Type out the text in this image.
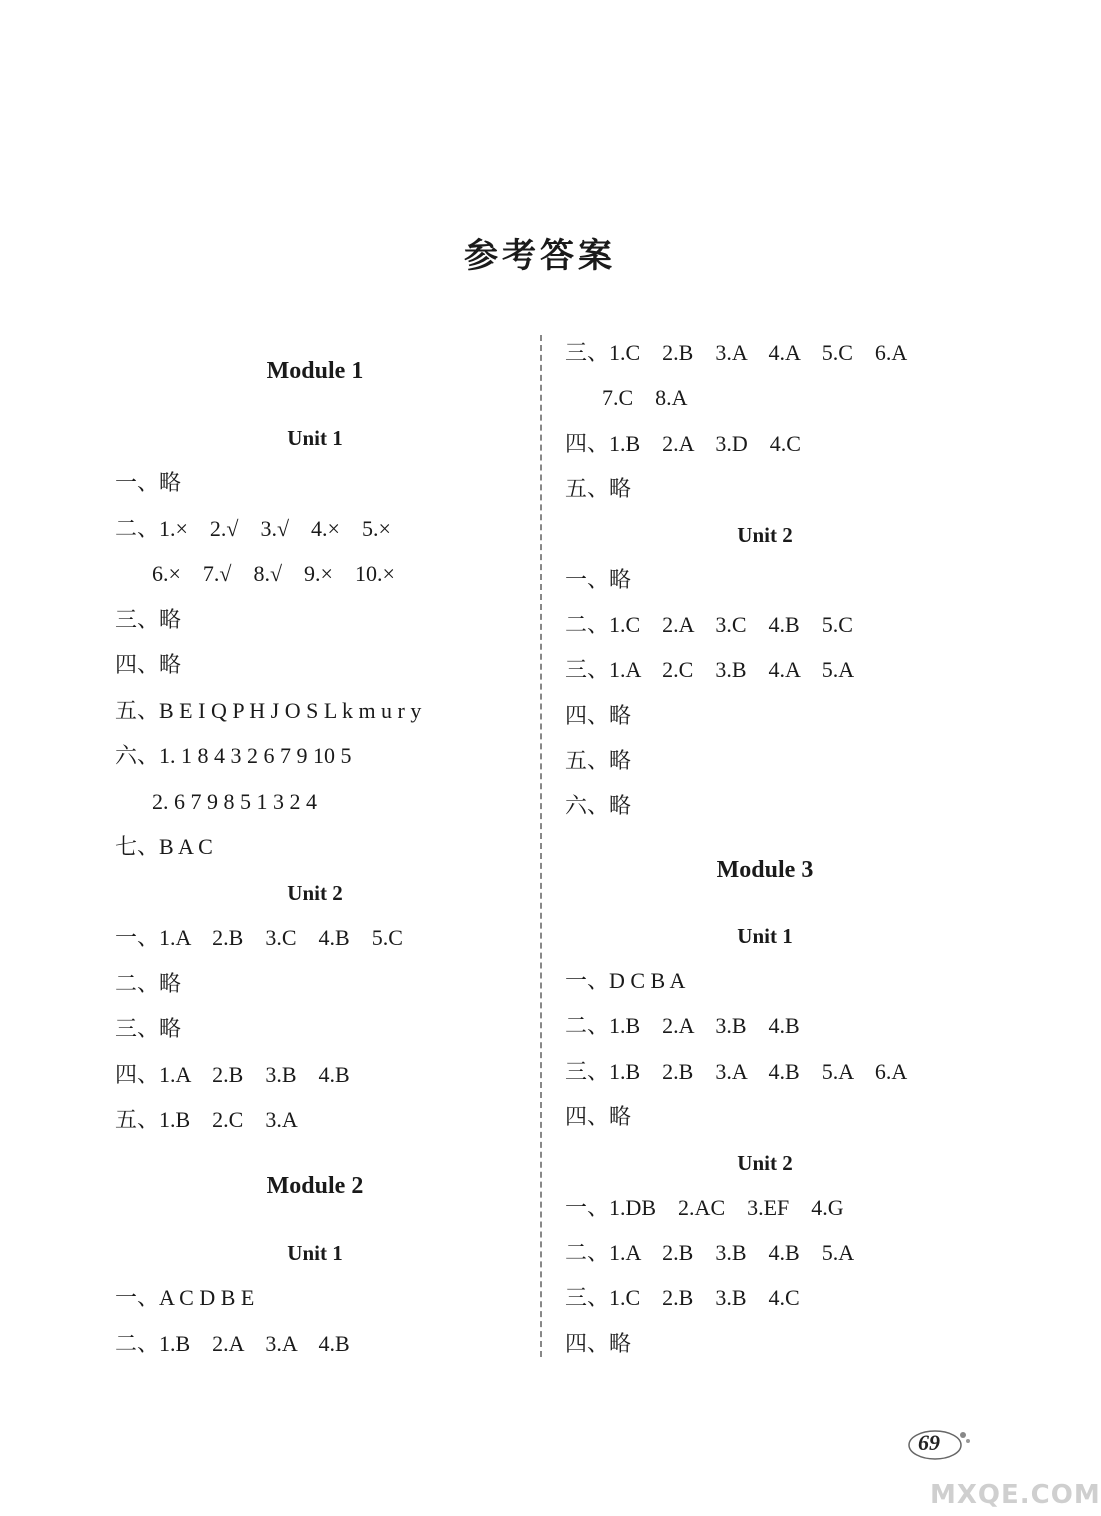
参考答案
Module 1
Unit 1
一、略
二、1.×　2.√　3.√　4.×　5.×
6.×　7.√　8.√　9.×　10.×
三、略
四、略
五、B E I Q P H J O S L k m u r y
六、1. 1 8 4 3 2 6 7 9 10 5
2. 6 7 9 8 5 1 3 2 4
七、B A C
Unit 2
一、1.A　2.B　3.C　4.B　5.C
二、略
三、略
四、1.A　2.B　3.B　4.B
五、1.B　2.C　3.A
Module 2
Unit 1
一、A C D B E
二、1.B　2.A　3.A　4.B
三、1.C　2.B　3.A　4.A　5.C　6.A
7.C　8.A
四、1.B　2.A　3.D　4.C
五、略
Unit 2
一、略
二、1.C　2.A　3.C　4.B　5.C
三、1.A　2.C　3.B　4.A　5.A
四、略
五、略
六、略
Module 3
Unit 1
一、D C B A
二、1.B　2.A　3.B　4.B
三、1.B　2.B　3.A　4.B　5.A　6.A
四、略
Unit 2
一、1.DB　2.AC　3.EF　4.G
二、1.A　2.B　3.B　4.B　5.A
三、1.C　2.B　3.B　4.C
四、略
69
MXQE.COM
